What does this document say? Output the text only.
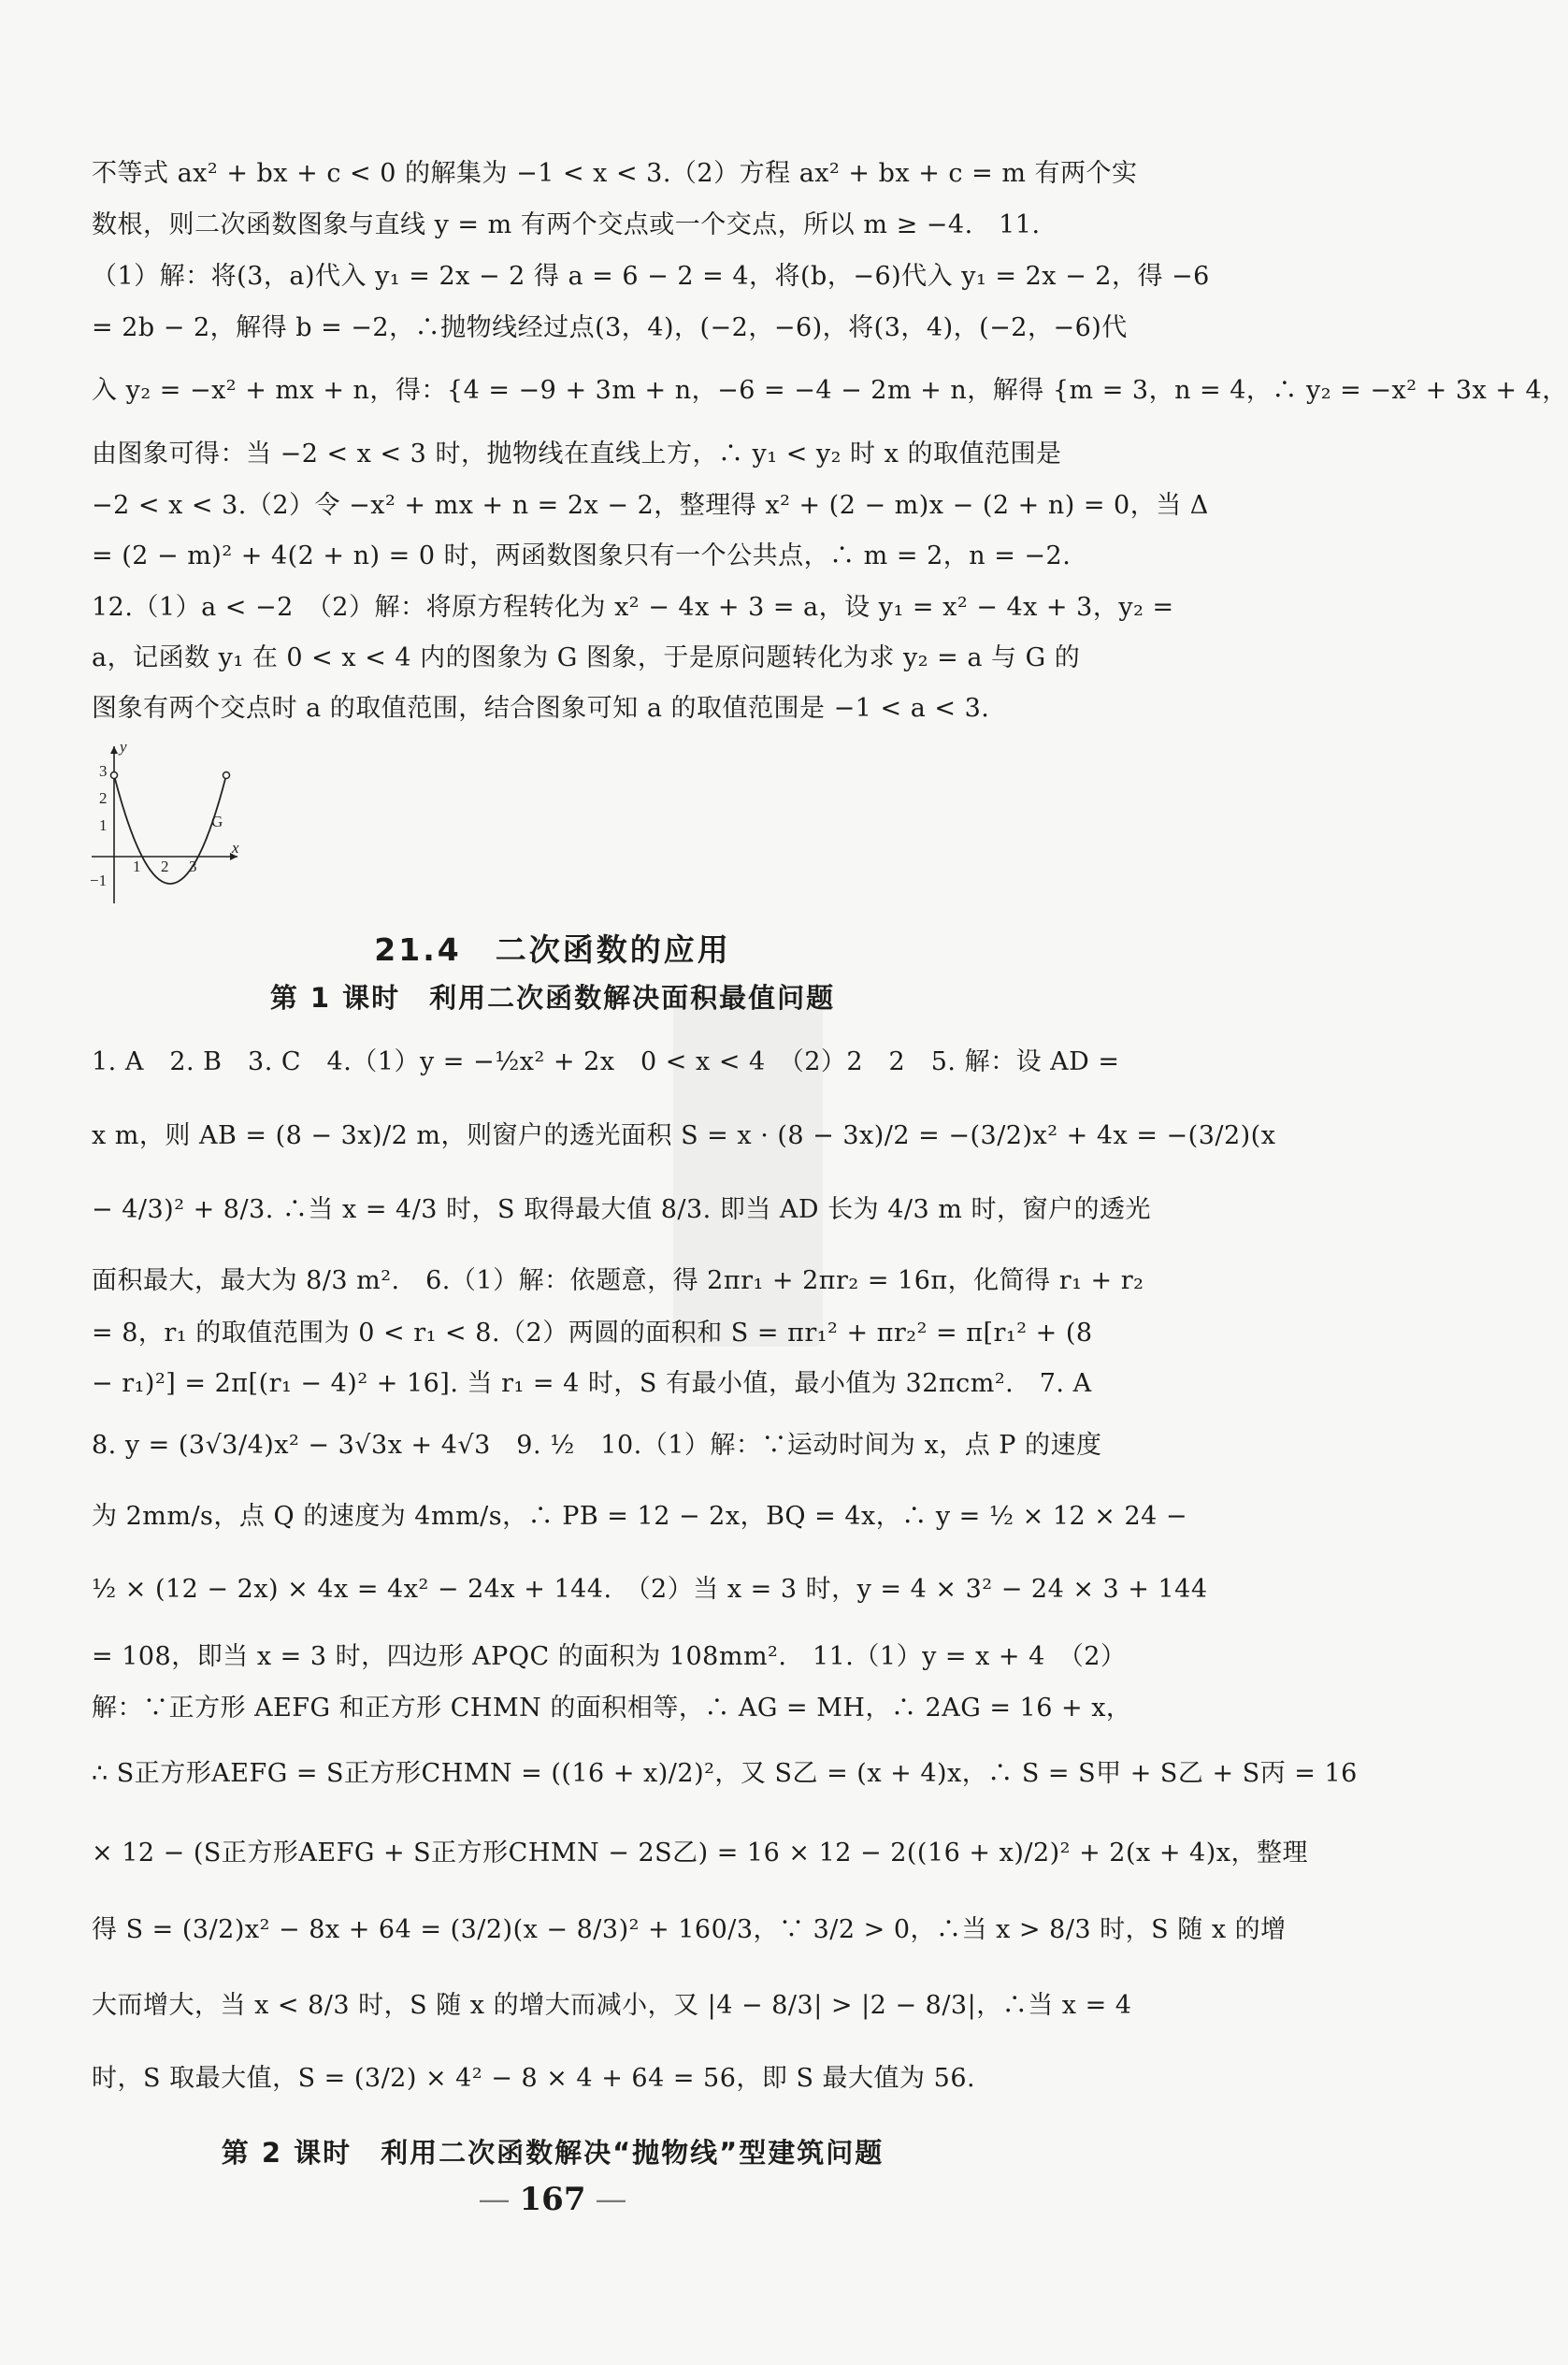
不等式 ax² + bx + c < 0 的解集为 −1 < x < 3.（2）方程 ax² + bx + c = m 有两个实
数根，则二次函数图象与直线 y = m 有两个交点或一个交点，所以 m ≥ −4.　11.
（1）解：将(3，a)代入 y₁ = 2x − 2 得 a = 6 − 2 = 4，将(b，−6)代入 y₁ = 2x − 2，得 −6
= 2b − 2，解得 b = −2，∴抛物线经过点(3，4)，(−2，−6)，将(3，4)，(−2，−6)代
入 y₂ = −x² + mx + n，得：{4 = −9 + 3m + n，−6 = −4 − 2m + n，解得 {m = 3，n = 4，∴ y₂ = −x² + 3x + 4，
由图象可得：当 −2 < x < 3 时，抛物线在直线上方，∴ y₁ < y₂ 时 x 的取值范围是
−2 < x < 3.（2）令 −x² + mx + n = 2x − 2，整理得 x² + (2 − m)x − (2 + n) = 0，当 Δ
= (2 − m)² + 4(2 + n) = 0 时，两函数图象只有一个公共点，∴ m = 2，n = −2.
12.（1）a < −2　（2）解：将原方程转化为 x² − 4x + 3 = a，设 y₁ = x² − 4x + 3，y₂ =
a，记函数 y₁ 在 0 < x < 4 内的图象为 G 图象，于是原问题转化为求 y₂ = a 与 G 的
图象有两个交点时 a 的取值范围，结合图象可知 a 的取值范围是 −1 < a < 3.
y
x
G
3
2
1
−1
1 2 3
21.4　二次函数的应用
第 1 课时　利用二次函数解决面积最值问题
1. A　2. B　3. C　4.（1）y = −½x² + 2x　0 < x < 4　（2）2　2　5. 解：设 AD =
x m，则 AB = (8 − 3x)/2 m，则窗户的透光面积 S = x · (8 − 3x)/2 = −(3/2)x² + 4x = −(3/2)(x
− 4/3)² + 8/3. ∴当 x = 4/3 时，S 取得最大值 8/3. 即当 AD 长为 4/3 m 时，窗户的透光
面积最大，最大为 8/3 m².　6.（1）解：依题意，得 2πr₁ + 2πr₂ = 16π，化简得 r₁ + r₂
= 8，r₁ 的取值范围为 0 < r₁ < 8.（2）两圆的面积和 S = πr₁² + πr₂² = π[r₁² + (8
− r₁)²] = 2π[(r₁ − 4)² + 16]. 当 r₁ = 4 时，S 有最小值，最小值为 32πcm².　7. A
8. y = (3√3/4)x² − 3√3x + 4√3　9. ½　10.（1）解：∵运动时间为 x，点 P 的速度
为 2mm/s，点 Q 的速度为 4mm/s，∴ PB = 12 − 2x，BQ = 4x，∴ y = ½ × 12 × 24 −
½ × (12 − 2x) × 4x = 4x² − 24x + 144.　（2）当 x = 3 时，y = 4 × 3² − 24 × 3 + 144
= 108，即当 x = 3 时，四边形 APQC 的面积为 108mm².　11.（1）y = x + 4　（2）
解：∵正方形 AEFG 和正方形 CHMN 的面积相等，∴ AG = MH，∴ 2AG = 16 + x，
∴ S正方形AEFG = S正方形CHMN = ((16 + x)/2)²，又 S乙 = (x + 4)x，∴ S = S甲 + S乙 + S丙 = 16
× 12 − (S正方形AEFG + S正方形CHMN − 2S乙) = 16 × 12 − 2((16 + x)/2)² + 2(x + 4)x，整理
得 S = (3/2)x² − 8x + 64 = (3/2)(x − 8/3)² + 160/3，∵ 3/2 > 0，∴当 x > 8/3 时，S 随 x 的增
大而增大，当 x < 8/3 时，S 随 x 的增大而减小，又 |4 − 8/3| > |2 − 8/3|，∴当 x = 4
时，S 取最大值，S = (3/2) × 4² − 8 × 4 + 64 = 56，即 S 最大值为 56.
第 2 课时　利用二次函数解决“抛物线”型建筑问题
— 167 —
